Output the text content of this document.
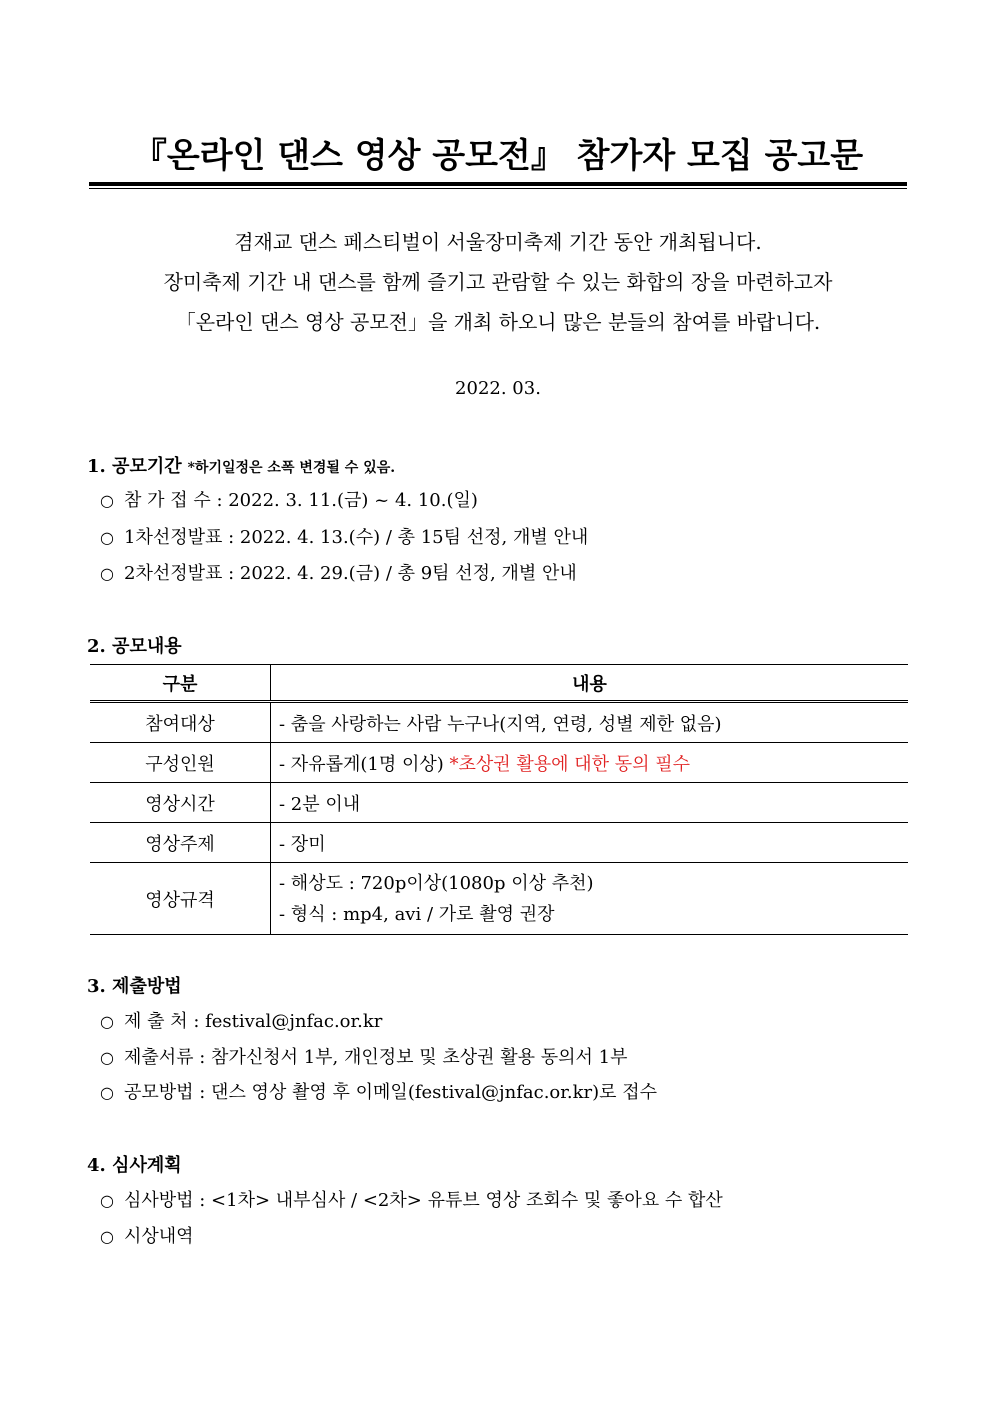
『온라인 댄스 영상 공모전』 참가자 모집 공고문
겸재교 댄스 페스티벌이 서울장미축제 기간 동안 개최됩니다.
장미축제 기간 내 댄스를 함께 즐기고 관람할 수 있는 화합의 장을 마련하고자
「온라인 댄스 영상 공모전」을 개최 하오니 많은 분들의 참여를 바랍니다.
2022. 03.
1. 공모기간 *하기일정은 소폭 변경될 수 있음.
○ 참 가 접 수 : 2022. 3. 11.(금) ~ 4. 10.(일)
○ 1차선정발표 : 2022. 4. 13.(수) / 총 15팀 선정, 개별 안내
○ 2차선정발표 : 2022. 4. 29.(금) / 총 9팀 선정, 개별 안내
2. 공모내용
구분	내용
참여대상	- 춤을 사랑하는 사람 누구나(지역, 연령, 성별 제한 없음)
구성인원	- 자유롭게(1명 이상) *초상권 활용에 대한 동의 필수
영상시간	- 2분 이내
영상주제	- 장미
영상규격	- 해상도 : 720p이상(1080p 이상 추천)
- 형식 : mp4, avi / 가로 촬영 권장
3. 제출방법
○ 제 출 처 : festival@jnfac.or.kr
○ 제출서류 : 참가신청서 1부, 개인정보 및 초상권 활용 동의서 1부
○ 공모방법 : 댄스 영상 촬영 후 이메일(festival@jnfac.or.kr)로 접수
4. 심사계획
○ 심사방법 : <1차> 내부심사 / <2차> 유튜브 영상 조회수 및 좋아요 수 합산
○ 시상내역
